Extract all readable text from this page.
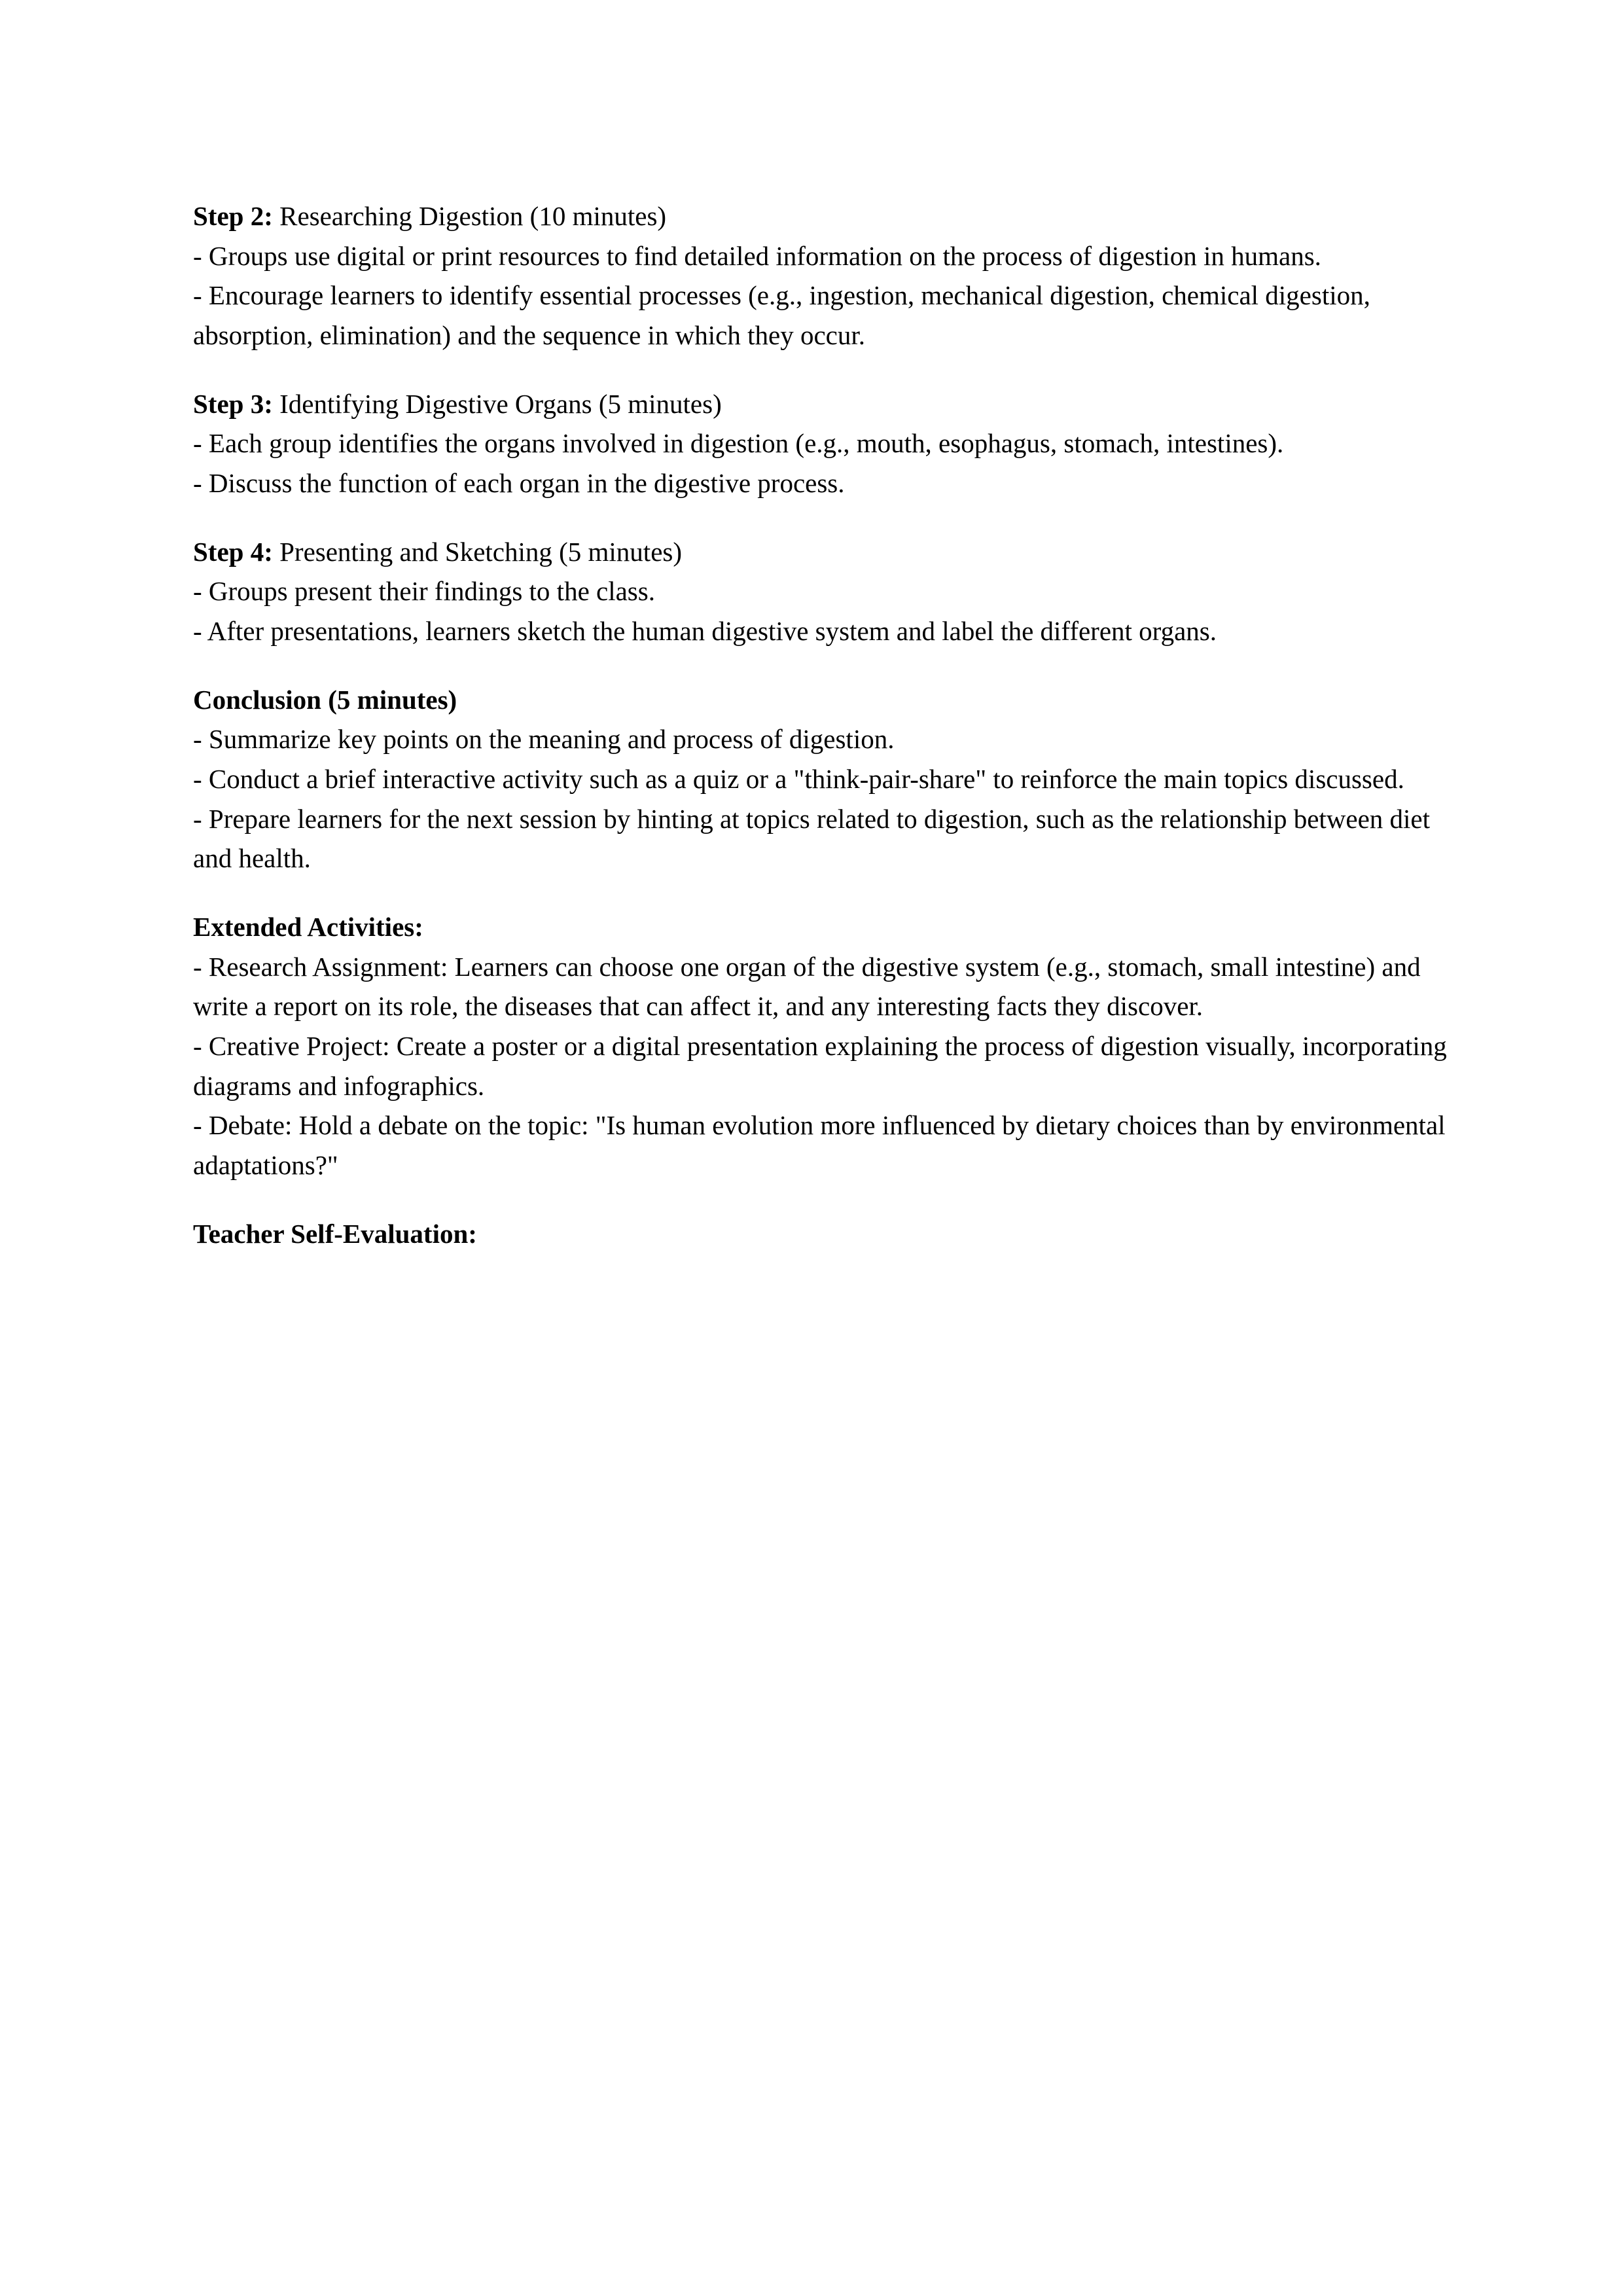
Step 2: Researching Digestion (10 minutes)

- Groups use digital or print resources to find detailed information on the process of digestion in humans.

- Encourage learners to identify essential processes (e.g., ingestion, mechanical digestion, chemical digestion, absorption, elimination) and the sequence in which they occur.

Step 3: Identifying Digestive Organs (5 minutes)

- Each group identifies the organs involved in digestion (e.g., mouth, esophagus, stomach, intestines).

- Discuss the function of each organ in the digestive process.

Step 4: Presenting and Sketching (5 minutes)

- Groups present their findings to the class.

- After presentations, learners sketch the human digestive system and label the different organs.

Conclusion (5 minutes)

- Summarize key points on the meaning and process of digestion.

- Conduct a brief interactive activity such as a quiz or a "think-pair-share" to reinforce the main topics discussed.

- Prepare learners for the next session by hinting at topics related to digestion, such as the relationship between diet and health.

Extended Activities:

- Research Assignment: Learners can choose one organ of the digestive system (e.g., stomach, small intestine) and write a report on its role, the diseases that can affect it, and any interesting facts they discover.

- Creative Project: Create a poster or a digital presentation explaining the process of digestion visually, incorporating diagrams and infographics.

- Debate: Hold a debate on the topic: "Is human evolution more influenced by dietary choices than by environmental adaptations?"

Teacher Self-Evaluation:
